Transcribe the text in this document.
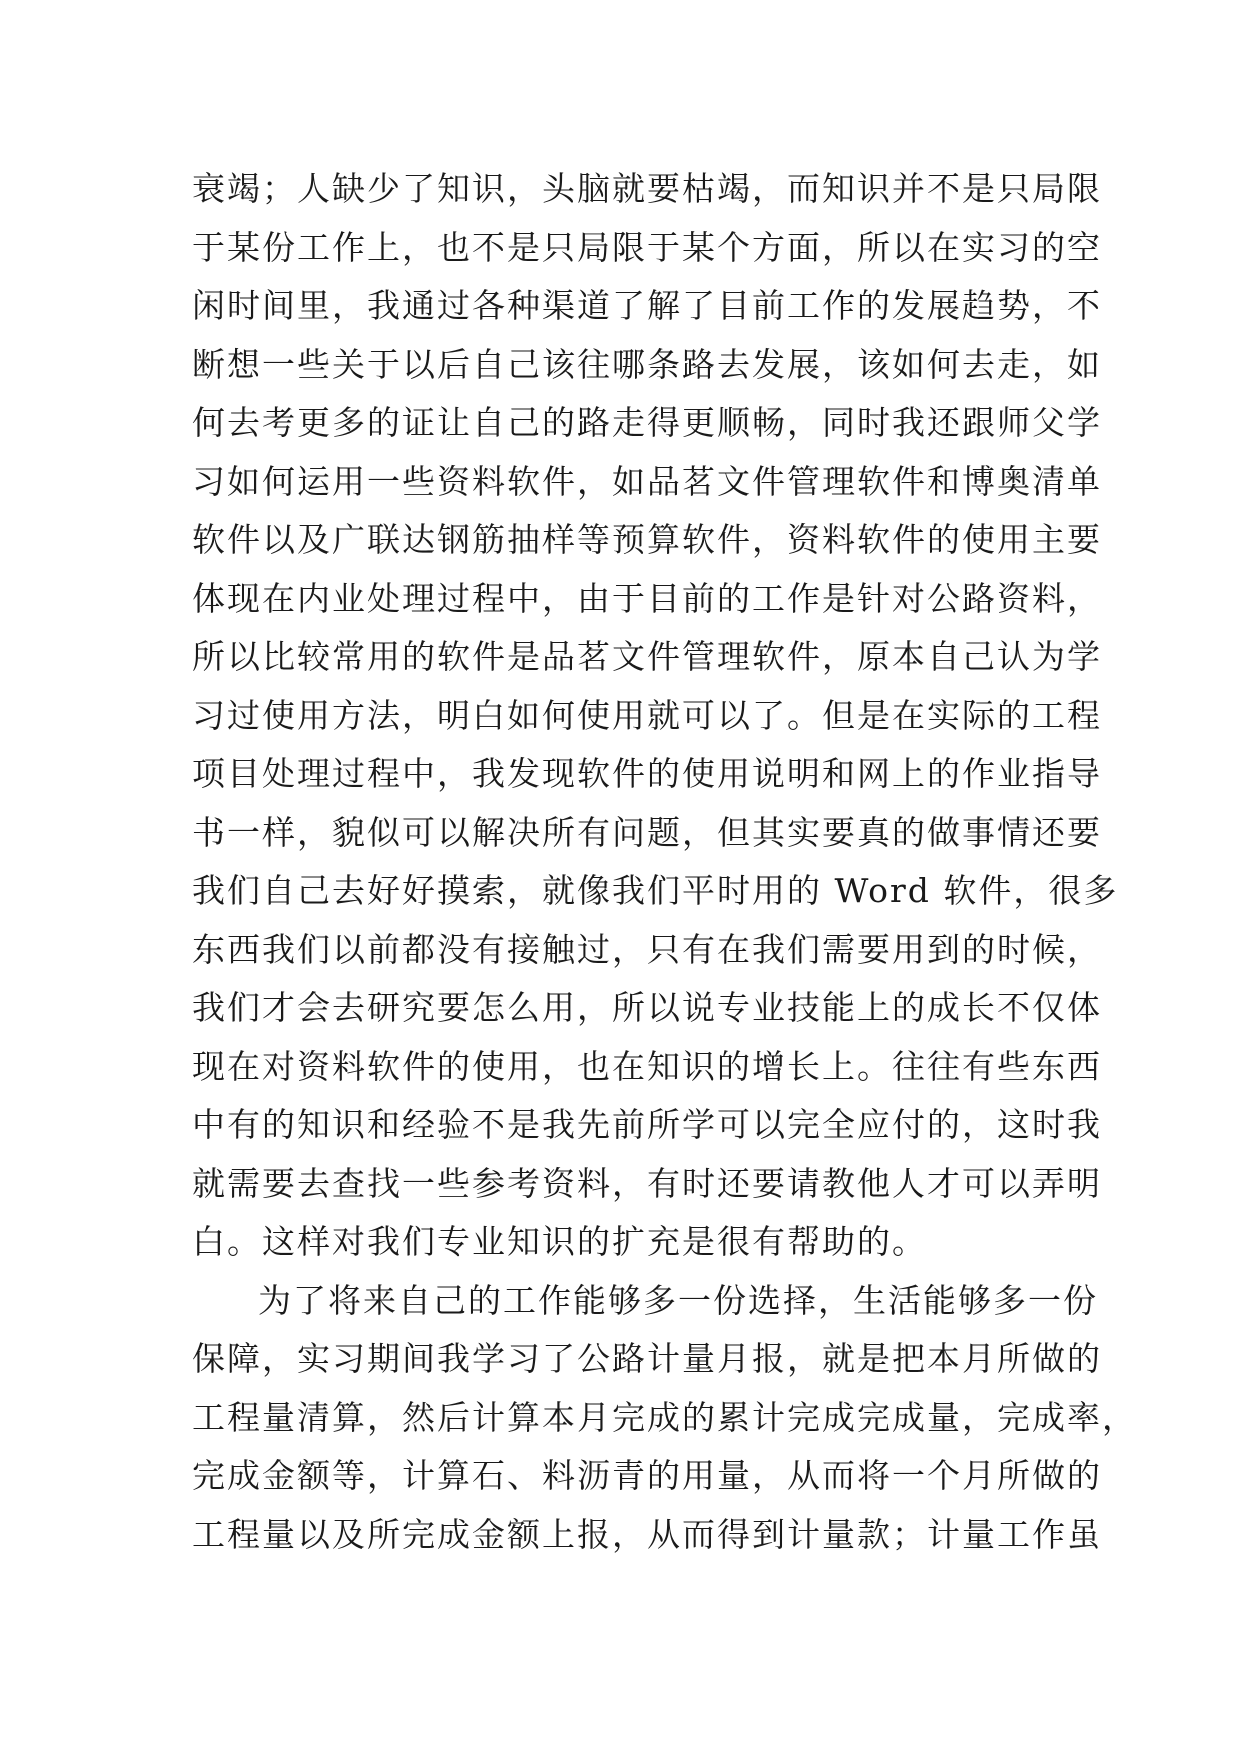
衰竭；人缺少了知识，头脑就要枯竭，而知识并不是只局限
于某份工作上，也不是只局限于某个方面，所以在实习的空
闲时间里，我通过各种渠道了解了目前工作的发展趋势，不
断想一些关于以后自己该往哪条路去发展，该如何去走，如
何去考更多的证让自己的路走得更顺畅，同时我还跟师父学
习如何运用一些资料软件，如品茗文件管理软件和博奥清单
软件以及广联达钢筋抽样等预算软件，资料软件的使用主要
体现在内业处理过程中，由于目前的工作是针对公路资料，
所以比较常用的软件是品茗文件管理软件，原本自己认为学
习过使用方法，明白如何使用就可以了。但是在实际的工程
项目处理过程中，我发现软件的使用说明和网上的作业指导
书一样，貌似可以解决所有问题，但其实要真的做事情还要
我们自己去好好摸索，就像我们平时用的 Word 软件，很多
东西我们以前都没有接触过，只有在我们需要用到的时候，
我们才会去研究要怎么用，所以说专业技能上的成长不仅体
现在对资料软件的使用，也在知识的增长上。往往有些东西
中有的知识和经验不是我先前所学可以完全应付的，这时我
就需要去查找一些参考资料，有时还要请教他人才可以弄明
白。这样对我们专业知识的扩充是很有帮助的。
为了将来自己的工作能够多一份选择，生活能够多一份
保障，实习期间我学习了公路计量月报，就是把本月所做的
工程量清算，然后计算本月完成的累计完成完成量，完成率，
完成金额等，计算石、料沥青的用量，从而将一个月所做的
工程量以及所完成金额上报，从而得到计量款；计量工作虽
